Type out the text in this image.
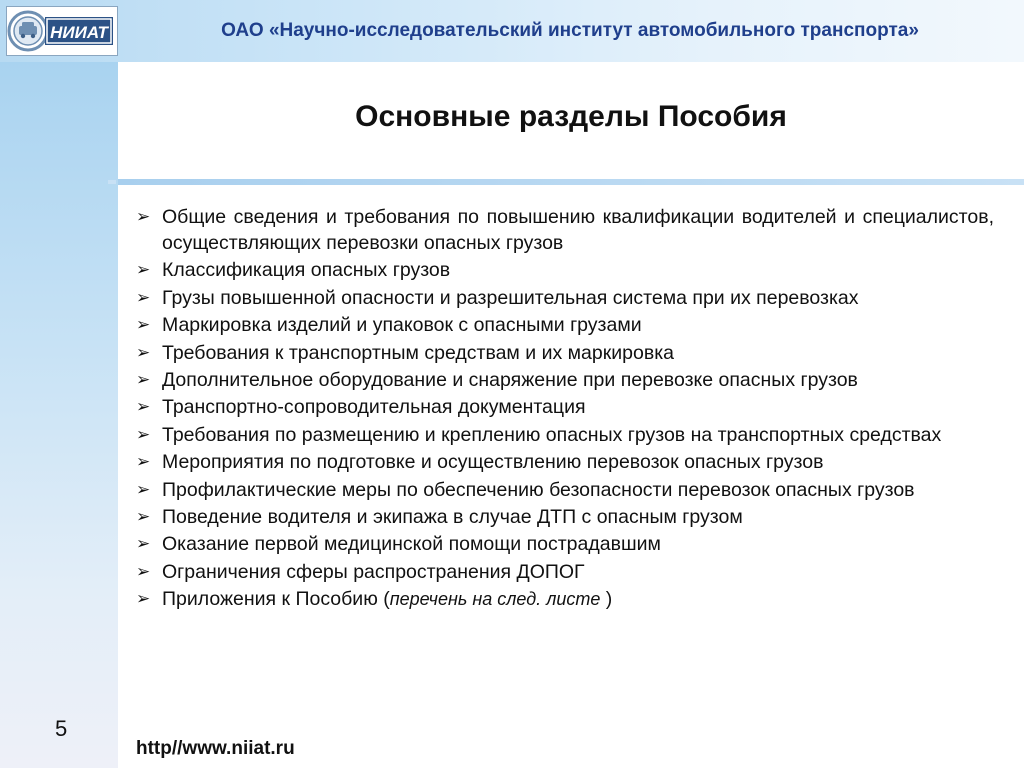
НИИАТ	ОАО «Научно-исследовательский институт автомобильного транспорта»
Основные разделы Пособия
➢ Общие сведения и требования по повышению квалификации водителей и специалистов, осуществляющих перевозки опасных грузов
➢ Классификация опасных грузов
➢ Грузы повышенной опасности и разрешительная система при их перевозках
➢ Маркировка изделий и упаковок с опасными грузами
➢ Требования к транспортным средствам и их маркировка
➢ Дополнительное оборудование и снаряжение при перевозке опасных грузов
➢ Транспортно-сопроводительная документация
➢ Требования по размещению и креплению опасных грузов на транспортных средствах
➢ Мероприятия по подготовке и осуществлению перевозок опасных грузов
➢ Профилактические меры по обеспечению безопасности перевозок опасных грузов
➢ Поведение водителя и экипажа в случае ДТП с опасным грузом
➢ Оказание первой медицинской помощи пострадавшим
➢ Ограничения сферы распространения ДОПОГ
➢ Приложения к Пособию (перечень на след. листе )
5
http//www.niiat.ru
